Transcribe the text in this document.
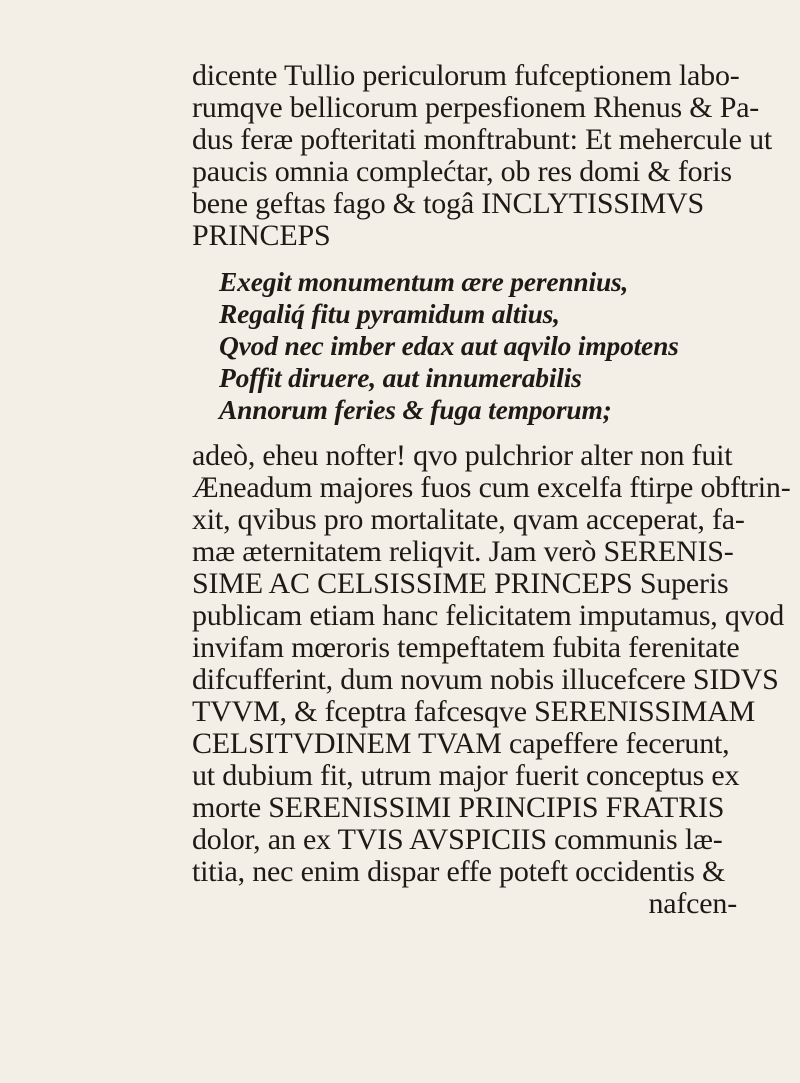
dicente Tullio periculorum fufceptionem labo-
rumqve bellicorum perpesfionem Rhenus & Pa-
dus feræ pofteritati monftrabunt: Et mehercule ut
paucis omnia complećtar, ob res domi & foris
bene geftas fago & togâ INCLYTISSIMVS
PRINCEPS
Exegit monumentum ære perennius,
Regaliq́ fitu pyramidum altius,
Qvod nec imber edax aut aqvilo impotens
Poffit diruere, aut innumerabilis
Annorum feries & fuga temporum;
adeò, eheu nofter! qvo pulchrior alter non fuit
Æneadum majores fuos cum excelfa ftirpe obftrin-
xit, qvibus pro mortalitate, qvam acceperat, fa-
mæ æternitatem reliqvit. Jam verò SERENIS-
SIME AC CELSISSIME PRINCEPS Superis
publicam etiam hanc felicitatem imputamus, qvod
invifam mœroris tempeftatem fubita ferenitate
difcufferint, dum novum nobis illucefcere SIDVS
TVVM, & fceptra fafcesqve SERENISSIMAM
CELSITVDINEM TVAM capeffere fecerunt,
ut dubium fit, utrum major fuerit conceptus ex
morte SERENISSIMI PRINCIPIS FRATRIS
dolor, an ex TVIS AVSPICIIS communis læ-
titia, nec enim dispar effe poteft occidentis &
nafcen-
